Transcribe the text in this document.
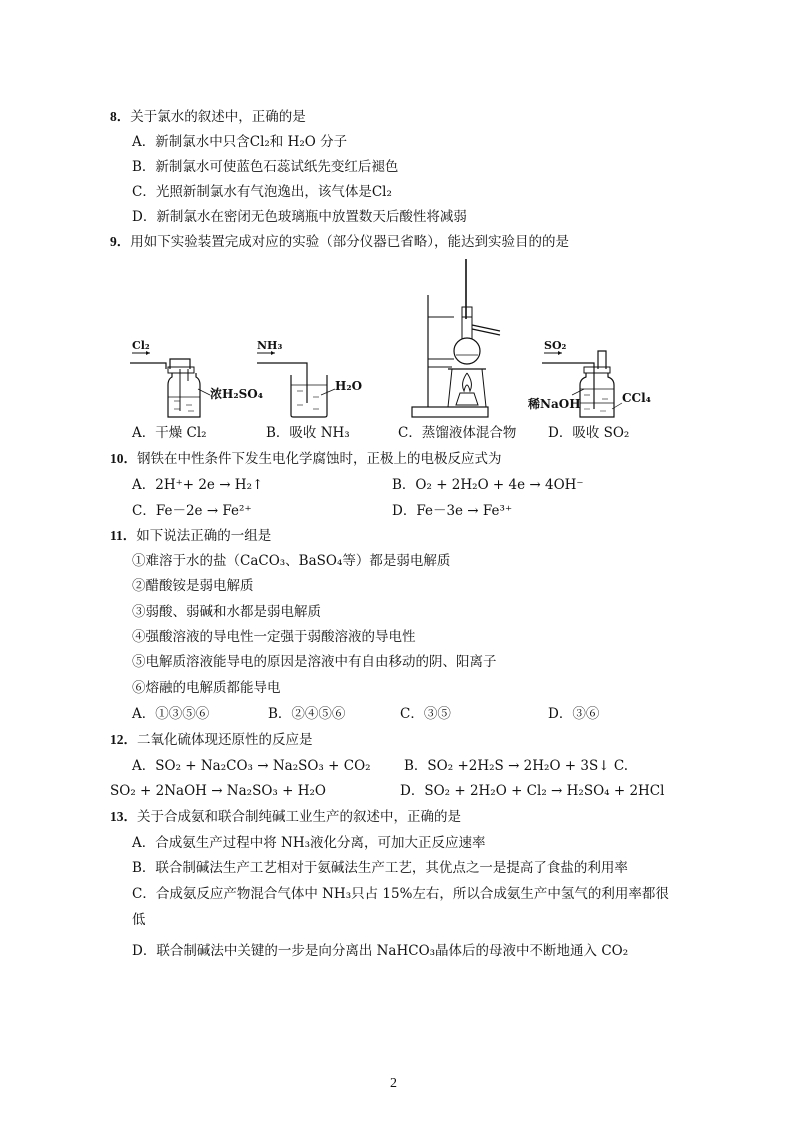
8．关于氯水的叙述中，正确的是
A．新制氯水中只含Cl₂和 H₂O 分子
B．新制氯水可使蓝色石蕊试纸先变红后褪色
C．光照新制氯水有气泡逸出，该气体是Cl₂
D．新制氯水在密闭无色玻璃瓶中放置数天后酸性将减弱
9．用如下实验装置完成对应的实验（部分仪器已省略），能达到实验目的的是
Cl₂
浓H₂SO₄
NH₃
H₂O
SO₂
稀NaOH	CCl₄
A．干燥 Cl₂	B．吸收 NH₃	C．蒸馏液体混合物 D．吸收 SO₂
10．钢铁在中性条件下发生电化学腐蚀时，正极上的电极反应式为
A．2H⁺+ 2e → H₂↑	B．O₂ + 2H₂O + 4e → 4OH⁻
C．Fe－2e → Fe²⁺	D．Fe－3e → Fe³⁺
11．如下说法正确的一组是
①难溶于水的盐（CaCO₃、BaSO₄等）都是弱电解质
②醋酸铵是弱电解质
③弱酸、弱碱和水都是弱电解质
④强酸溶液的导电性一定强于弱酸溶液的导电性
⑤电解质溶液能导电的原因是溶液中有自由移动的阴、阳离子
⑥熔融的电解质都能导电
A．①③⑤⑥	B．②④⑤⑥	C．③⑤	D．③⑥
12．二氧化硫体现还原性的反应是
A．SO₂ + Na₂CO₃ → Na₂SO₃ + CO₂ B．SO₂ +2H₂S → 2H₂O + 3S↓ C.
SO₂ + 2NaOH → Na₂SO₃ + H₂O	D．SO₂ + 2H₂O + Cl₂ → H₂SO₄ + 2HCl
13．关于合成氨和联合制纯碱工业生产的叙述中，正确的是
A．合成氨生产过程中将 NH₃液化分离，可加大正反应速率
B．联合制碱法生产工艺相对于氨碱法生产工艺，其优点之一是提高了食盐的利用率
C．合成氨反应产物混合气体中 NH₃只占 15%左右，所以合成氨生产中氢气的利用率都很
低
D．联合制碱法中关键的一步是向分离出 NaHCO₃晶体后的母液中不断地通入 CO₂
2
